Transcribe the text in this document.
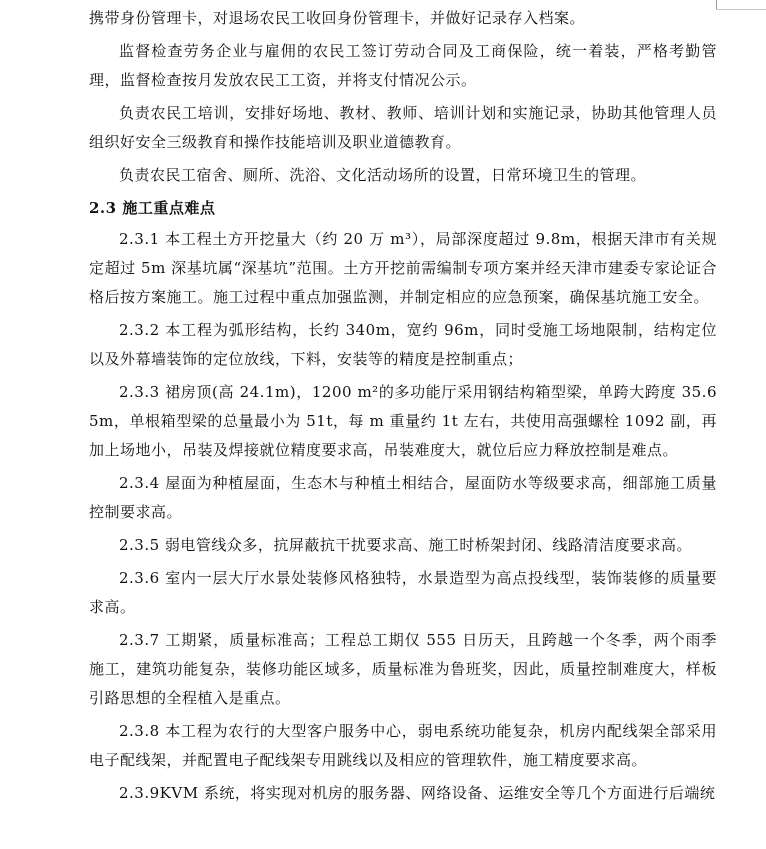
携带身份管理卡，对退场农民工收回身份管理卡，并做好记录存入档案。

监督检查劳务企业与雇佣的农民工签订劳动合同及工商保险，统一着装，严格考勤管理，监督检查按月发放农民工工资，并将支付情况公示。

负责农民工培训，安排好场地、教材、教师、培训计划和实施记录，协助其他管理人员组织好安全三级教育和操作技能培训及职业道德教育。

负责农民工宿舍、厕所、洗浴、文化活动场所的设置，日常环境卫生的管理。

2.3 施工重点难点

2.3.1 本工程土方开挖量大（约 20 万 m³），局部深度超过 9.8m，根据天津市有关规定超过 5m 深基坑属“深基坑”范围。土方开挖前需编制专项方案并经天津市建委专家论证合格后按方案施工。施工过程中重点加强监测，并制定相应的应急预案，确保基坑施工安全。

2.3.2 本工程为弧形结构，长约 340m，宽约 96m，同时受施工场地限制，结构定位以及外幕墙装饰的定位放线，下料，安装等的精度是控制重点；

2.3.3 裙房顶(高 24.1m)，1200 m²的多功能厅采用钢结构箱型梁，单跨大跨度 35.65m，单根箱型梁的总量最小为 51t，每 m 重量约 1t 左右，共使用高强螺栓 1092 副，再加上场地小，吊装及焊接就位精度要求高，吊装难度大，就位后应力释放控制是难点。

2.3.4 屋面为种植屋面，生态木与种植土相结合，屋面防水等级要求高，细部施工质量控制要求高。

2.3.5 弱电管线众多，抗屏蔽抗干扰要求高、施工时桥架封闭、线路清洁度要求高。

2.3.6 室内一层大厅水景处装修风格独特，水景造型为高点投线型，装饰装修的质量要求高。

2.3.7 工期紧，质量标准高；工程总工期仅 555 日历天，且跨越一个冬季，两个雨季施工，建筑功能复杂，装修功能区域多，质量标准为鲁班奖，因此，质量控制难度大，样板引路思想的全程植入是重点。

2.3.8 本工程为农行的大型客户服务中心，弱电系统功能复杂，机房内配线架全部采用电子配线架，并配置电子配线架专用跳线以及相应的管理软件，施工精度要求高。

2.3.9KVM 系统，将实现对机房的服务器、网络设备、运维安全等几个方面进行后端统
